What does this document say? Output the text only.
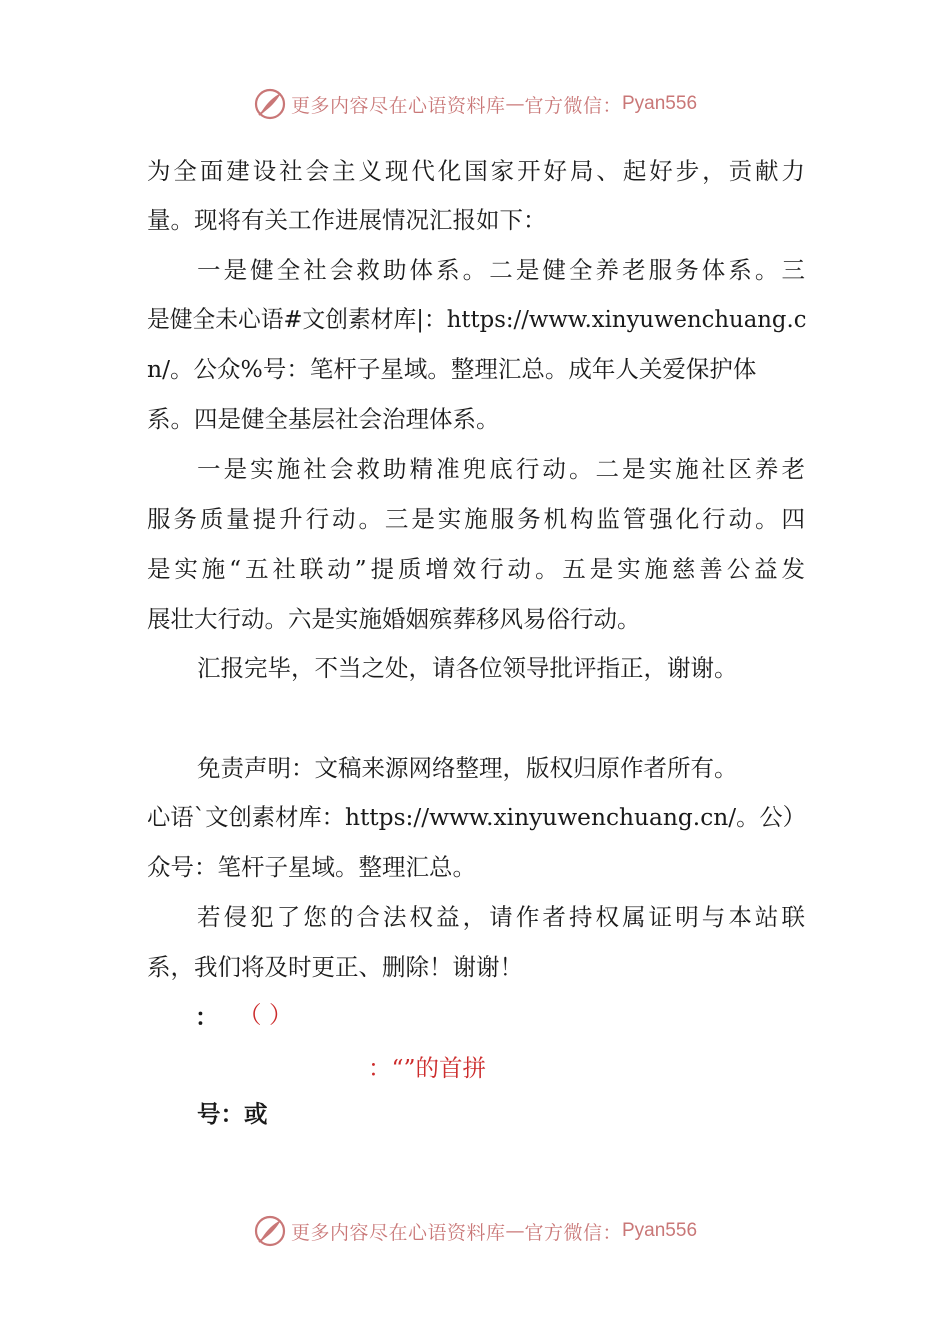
更多内容尽在心语资料库 — 官方微信： Pyan556
为全面建设社会主义现代化国家开好局、起好步，贡献力
量。现将有关工作进展情况汇报如下：
一是健全社会救助体系。二是健全养老服务体系。三
是健全未心语#文创素材库|：https://www.xinyuwenchuang.c
n/。公众%号：笔杆子星域。整理汇总。成年人关爱保护体
系。四是健全基层社会治理体系。
一是实施社会救助精准兜底行动。二是实施社区养老
服务质量提升行动。三是实施服务机构监管强化行动。四
是实施“五社联动”提质增效行动。五是实施慈善公益发
展壮大行动。六是实施婚姻殡葬移风易俗行动。
汇报完毕，不当之处，请各位领导批评指正，谢谢。
免责声明：文稿来源网络整理，版权归原作者所有。
心语`文创素材库：https://www.xinyuwenchuang.cn/。公）
众号：笔杆子星域。整理汇总。
若侵犯了您的合法权益，请作者持权属证明与本站联
系，我们将及时更正、删除！谢谢！
： （ ）
：“”的首拼
号：或
更多内容尽在心语资料库 — 官方微信： Pyan556
